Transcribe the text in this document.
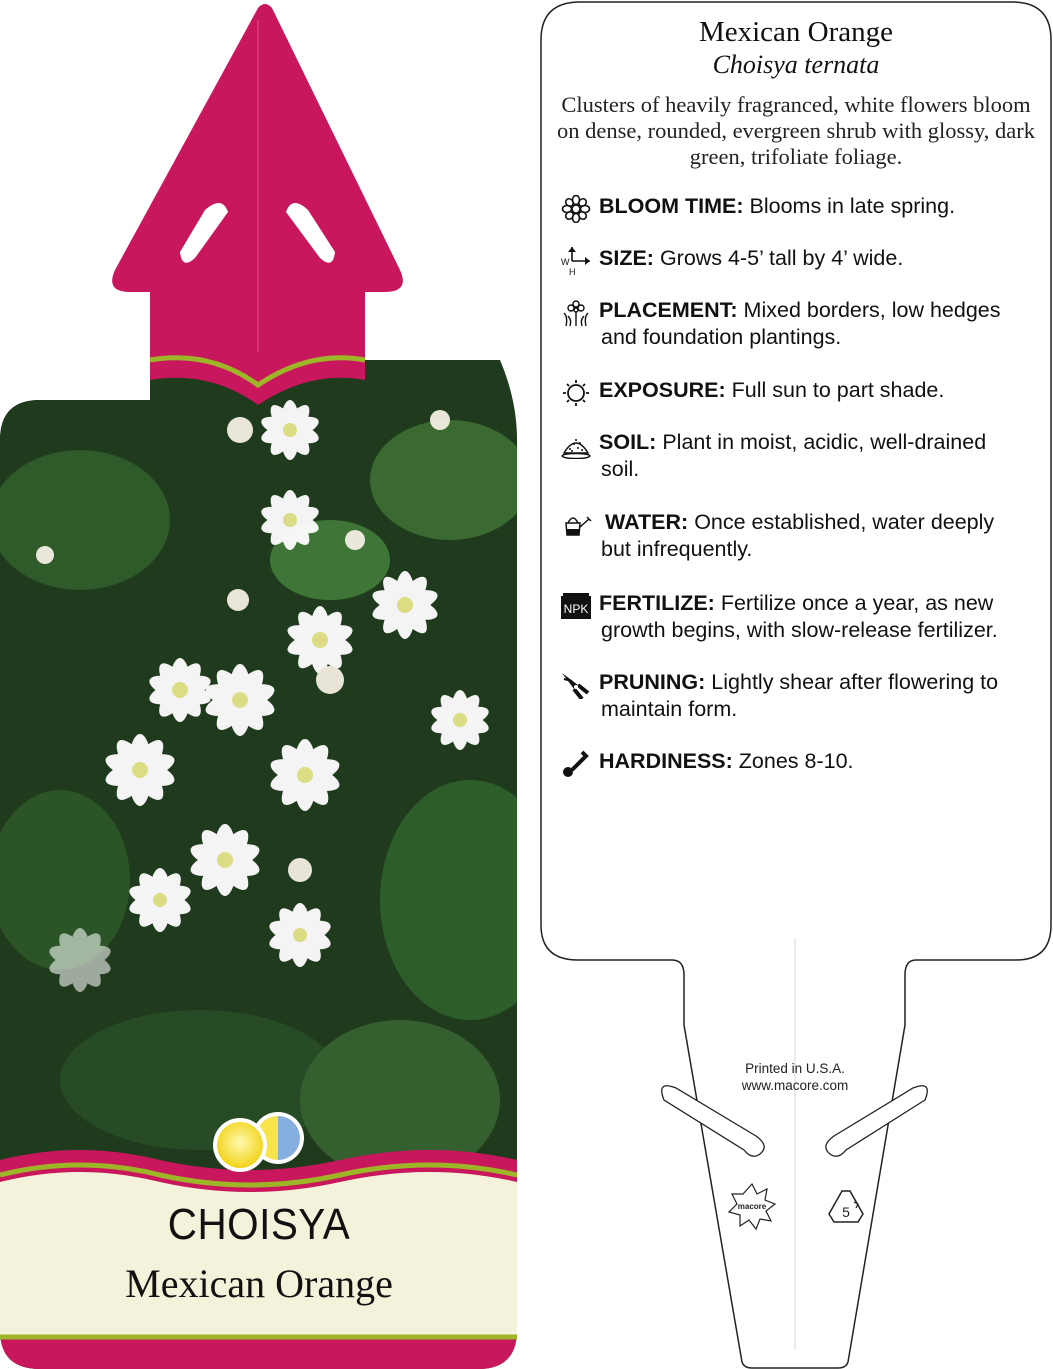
CHOISYA
Mexican Orange
macore	5
Mexican Orange
Choisya ternata
Clusters of heavily fragranced, white flowers bloom on dense, rounded, evergreen shrub with glossy, dark green, trifoliate foliage.
BLOOM TIME: Blooms in late spring.
W
H
SIZE: Grows 4-5’ tall by 4’ wide.
PLACEMENT: Mixed borders, low hedges
and foundation plantings.
EXPOSURE: Full sun to part shade.
SOIL: Plant in moist, acidic, well-drained
soil.
WATER: Once established, water deeply
but infrequently.
NPK FERTILIZE: Fertilize once a year, as new
growth begins, with slow-release fertilizer.
PRUNING: Lightly shear after flowering to
maintain form.
HARDINESS: Zones 8-10.
Printed in U.S.A.
www.macore.com
